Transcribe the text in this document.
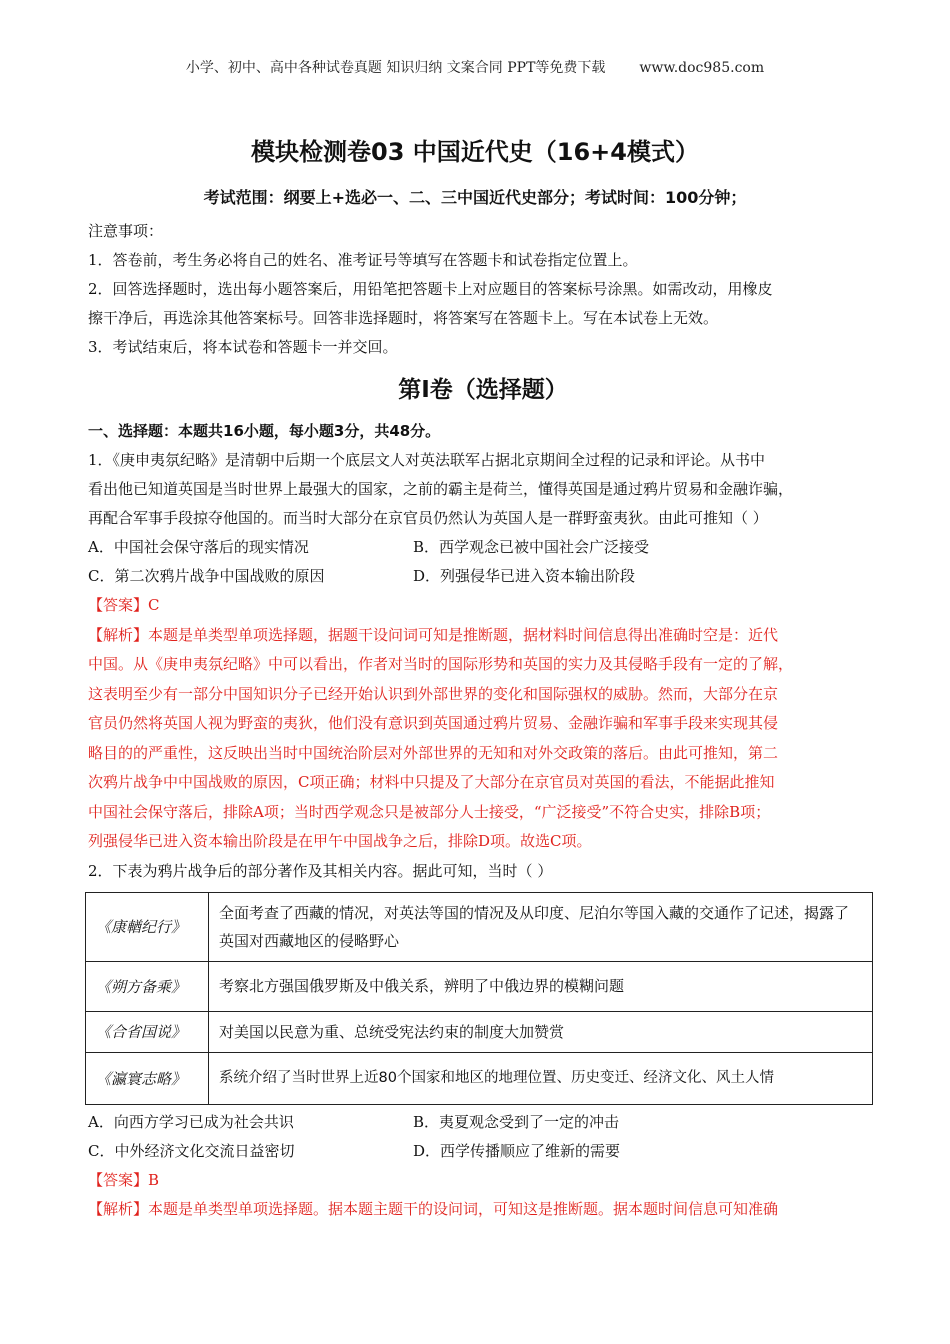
小学、初中、高中各种试卷真题 知识归纳 文案合同 PPT等免费下载 www.doc985.com
模块检测卷03 中国近代史（16+4模式）
考试范围：纲要上+选必一、二、三中国近代史部分；考试时间：100分钟；
注意事项：
1．答卷前，考生务必将自己的姓名、准考证号等填写在答题卡和试卷指定位置上。
2．回答选择题时，选出每小题答案后，用铅笔把答题卡上对应题目的答案标号涂黑。如需改动，用橡皮
擦干净后，再选涂其他答案标号。回答非选择题时，将答案写在答题卡上。写在本试卷上无效。
3．考试结束后，将本试卷和答题卡一并交回。
第I卷（选择题）
一、选择题：本题共16小题，每小题3分，共48分。
1．《庚申夷氛纪略》是清朝中后期一个底层文人对英法联军占据北京期间全过程的记录和评论。从书中
看出他已知道英国是当时世界上最强大的国家，之前的霸主是荷兰，懂得英国是通过鸦片贸易和金融诈骗，
再配合军事手段掠夺他国的。而当时大部分在京官员仍然认为英国人是一群野蛮夷狄。由此可推知（ ）
A．中国社会保守落后的现实情况	B．西学观念已被中国社会广泛接受
C．第二次鸦片战争中国战败的原因	D．列强侵华已进入资本输出阶段
【答案】C
【解析】本题是单类型单项选择题，据题干设问词可知是推断题，据材料时间信息得出准确时空是：近代
中国。从《庚申夷氛纪略》中可以看出，作者对当时的国际形势和英国的实力及其侵略手段有一定的了解，
这表明至少有一部分中国知识分子已经开始认识到外部世界的变化和国际强权的威胁。然而，大部分在京
官员仍然将英国人视为野蛮的夷狄，他们没有意识到英国通过鸦片贸易、金融诈骗和军事手段来实现其侵
略目的的严重性，这反映出当时中国统治阶层对外部世界的无知和对外交政策的落后。由此可推知，第二
次鸦片战争中中国战败的原因，C项正确；材料中只提及了大部分在京官员对英国的看法，不能据此推知
中国社会保守落后，排除A项；当时西学观念只是被部分人士接受，“广泛接受”不符合史实，排除B项；
列强侵华已进入资本输出阶段是在甲午中国战争之后，排除D项。故选C项。
2．下表为鸦片战争后的部分著作及其相关内容。据此可知，当时（ ）
《康輶纪行》	全面考查了西藏的情况，对英法等国的情况及从印度、尼泊尔等国入藏的交通作了记述，揭露了英国对西藏地区的侵略野心
《朔方备乘》	考察北方强国俄罗斯及中俄关系，辨明了中俄边界的模糊问题
《合省国说》	对美国以民意为重、总统受宪法约束的制度大加赞赏
《瀛寰志略》	系统介绍了当时世界上近80个国家和地区的地理位置、历史变迁、经济文化、风土人情
A．向西方学习已成为社会共识	B．夷夏观念受到了一定的冲击
C．中外经济文化交流日益密切	D．西学传播顺应了维新的需要
【答案】B
【解析】本题是单类型单项选择题。据本题主题干的设问词，可知这是推断题。据本题时间信息可知准确
